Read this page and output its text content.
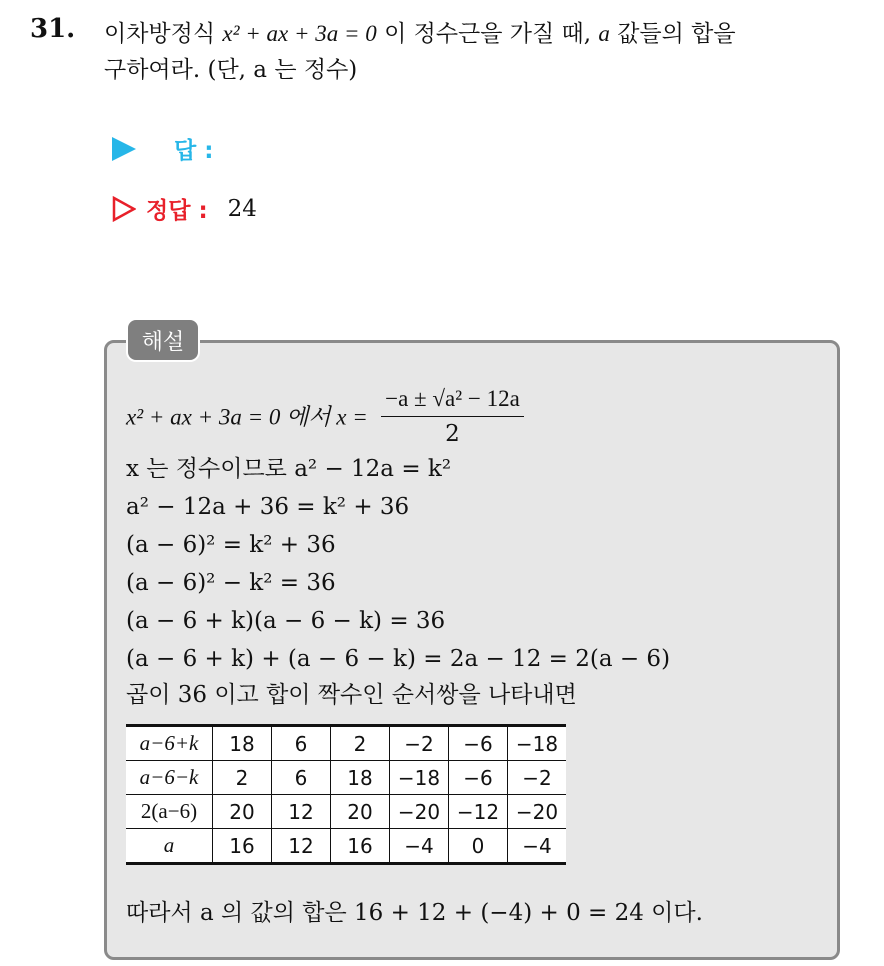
31. 이차방정식 x² + ax + 3a = 0 이 정수근을 가질 때, a 값들의 합을
구하여라. (단, a 는 정수)
답 :
정답 : 24
해설
x² + ax + 3a = 0 에서 $x = \frac{\text{−a ± √a² − 12a}}{2}$
x 는 정수이므로 a² − 12a = k²
a² − 12a + 36 = k² + 36
(a − 6)² = k² + 36
(a − 6)² − k² = 36
(a − 6 + k)(a − 6 − k) = 36
(a − 6 + k) + (a − 6 − k) = 2a − 12 = 2(a − 6)
곱이 36 이고 합이 짝수인 순서쌍을 나타내면
a−6+k	18	6	2	−2	−6	−18
a−6−k	2	6	18	−18	−6	−2
2(a−6)	20	12	20	−20	−12	−20
a	16	12	16	−4	0	−4
따라서 a 의 값의 합은 16 + 12 + (−4) + 0 = 24 이다.
